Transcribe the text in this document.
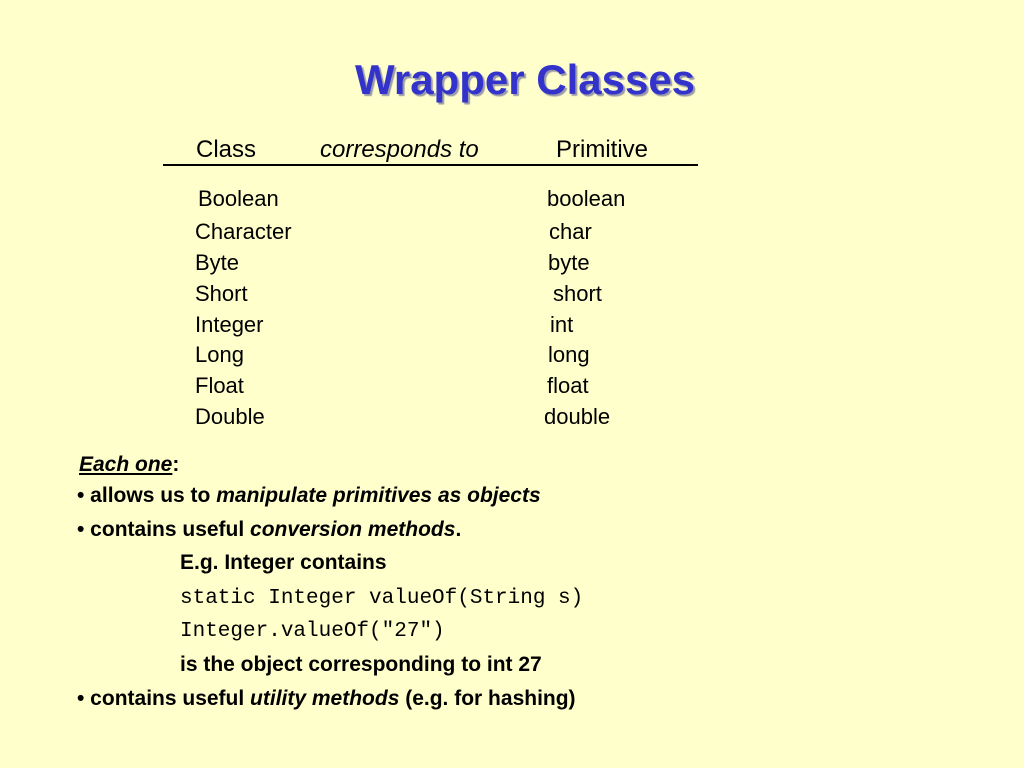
Wrapper Classes
Class	corresponds to	Primitive
Boolean	boolean
Character	char
Byte	byte
Short	short
Integer	int
Long	long
Float	float
Double	double
Each one:
• allows us to manipulate primitives as objects
• contains useful conversion methods.
E.g. Integer contains
static Integer valueOf(String s)
Integer.valueOf("27")
is the object corresponding to int 27
• contains useful utility methods (e.g. for hashing)
